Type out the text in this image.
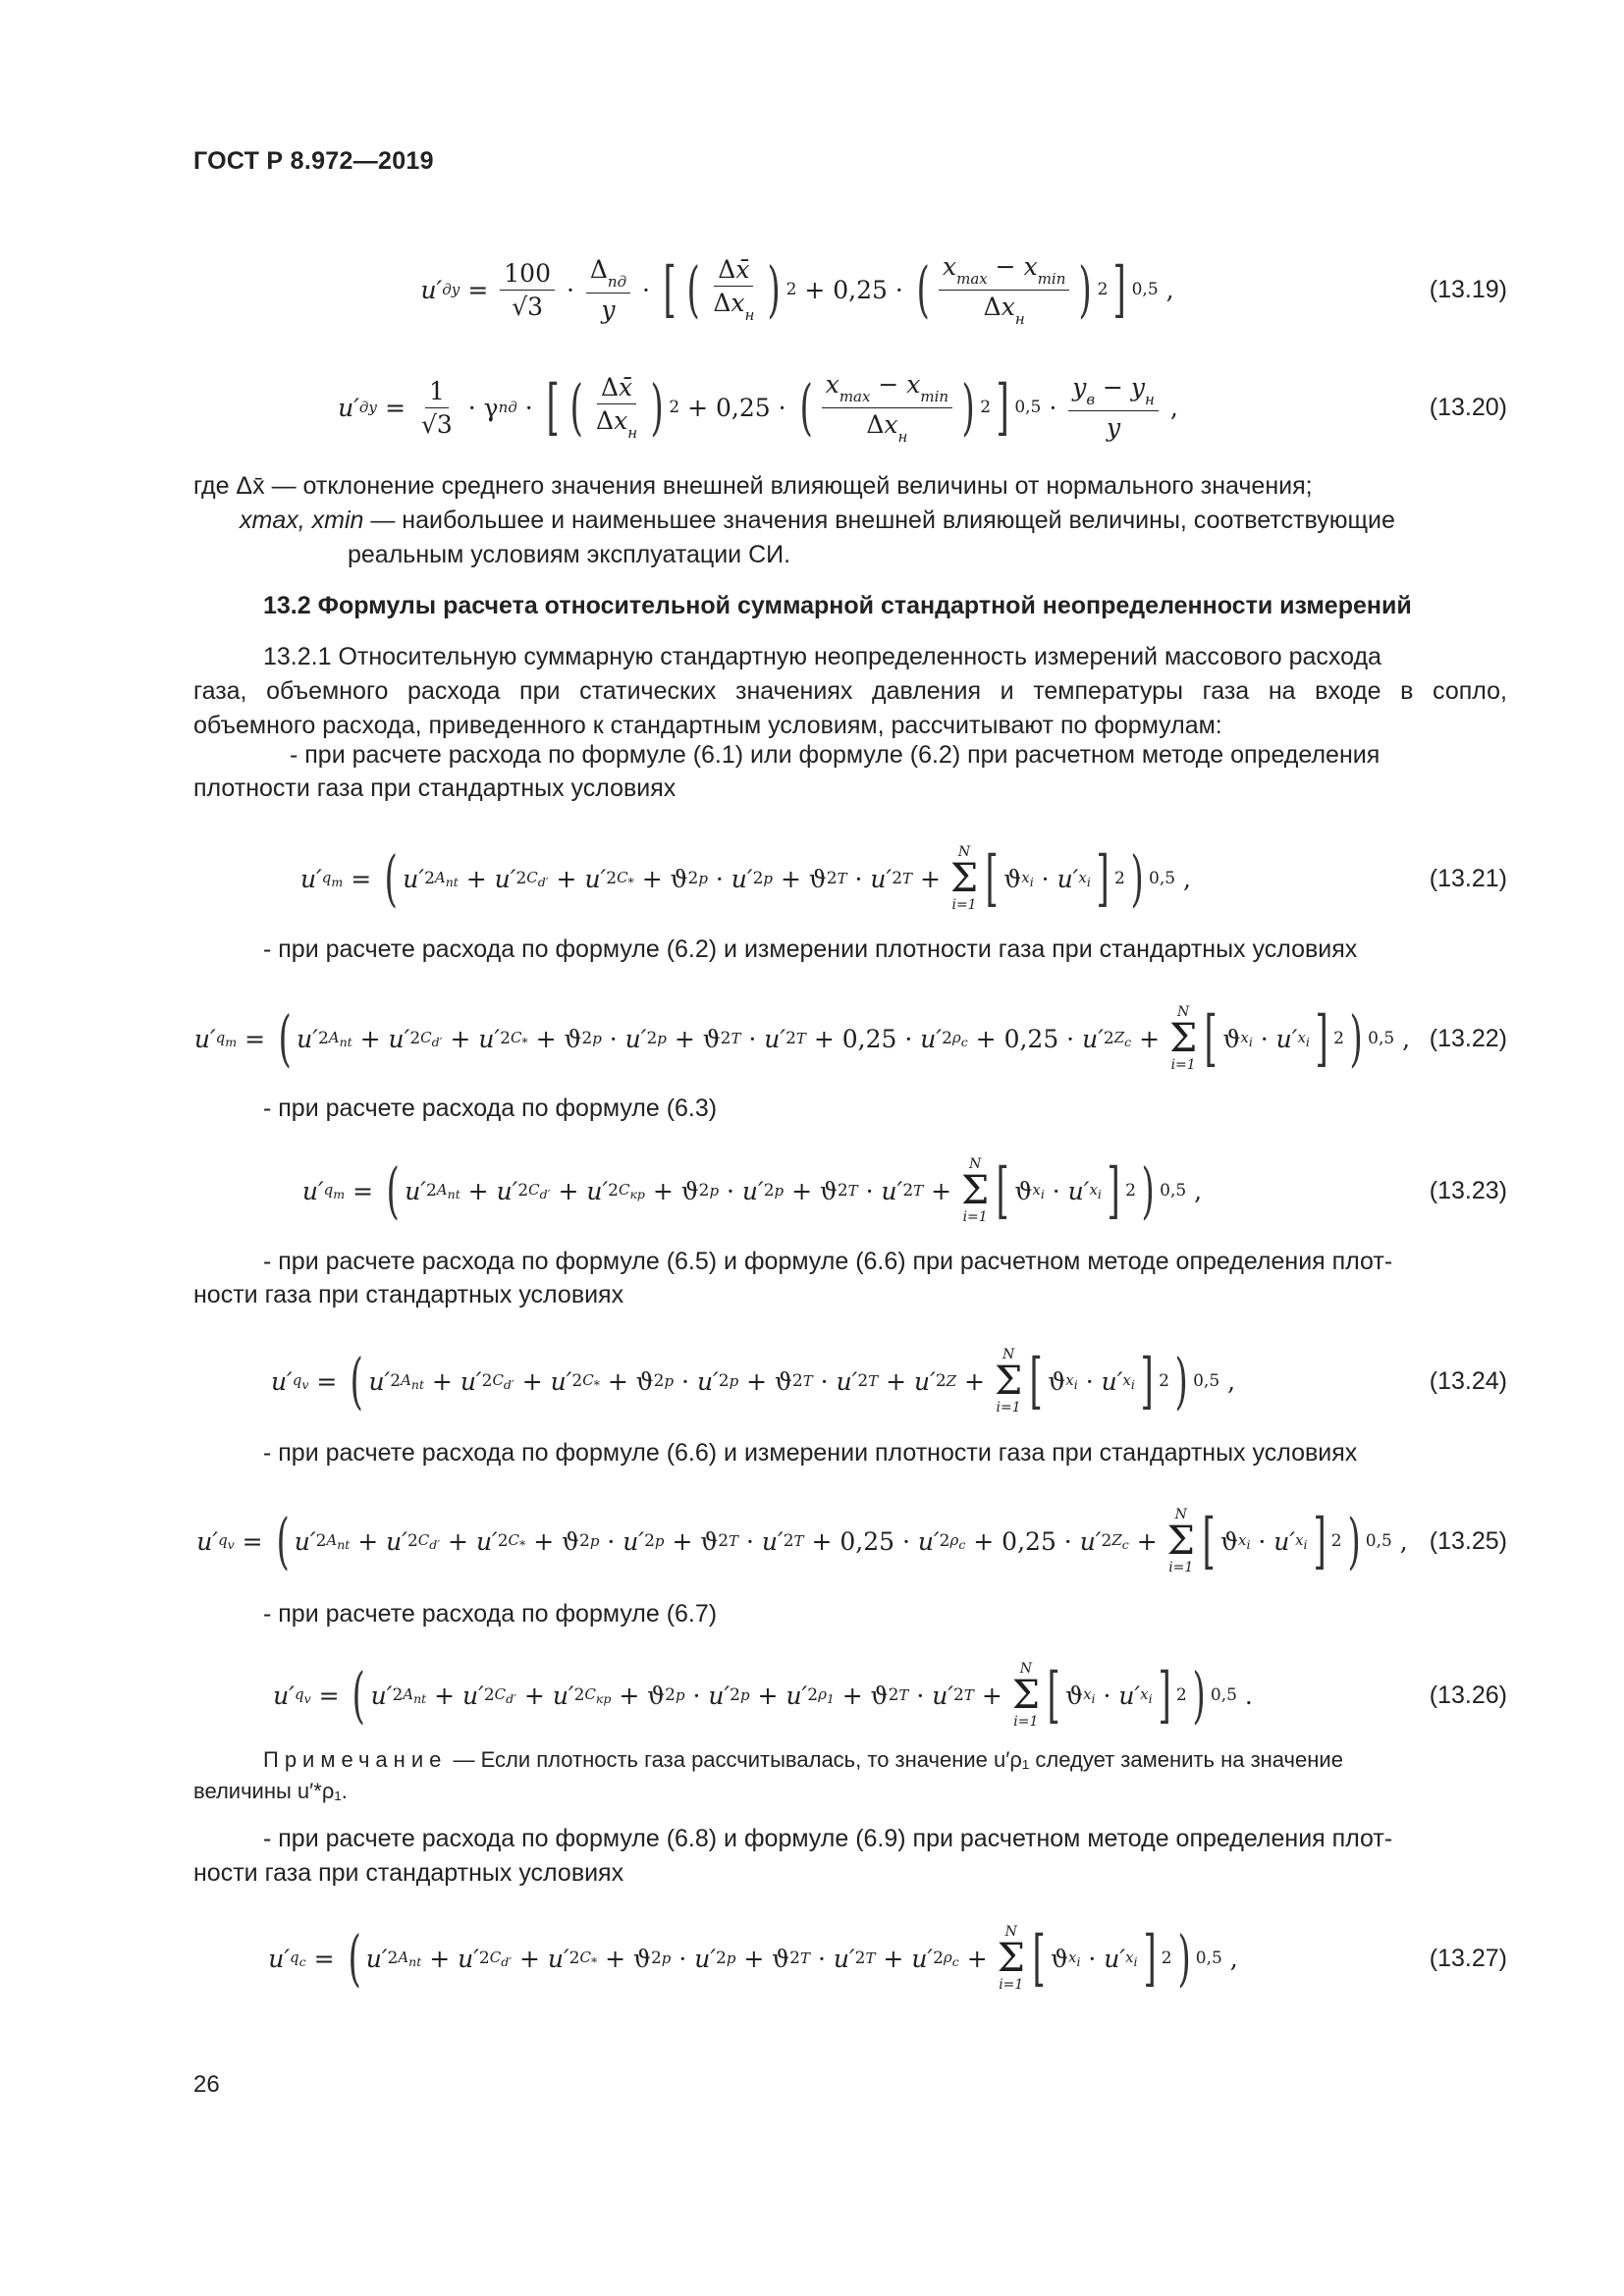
ГОСТ Р 8.972—2019
u′ ду = $\frac{100}{√3} \cdot \frac{\Delta_{пд}}{y}$ · [ ( $\frac{\Delta x̄}{\Delta x_н}$ ) 2 + 0,25 · ( $\frac{x_{max} - x_{min}}{\Delta x_н}$ ) 2 ] 0,5 ,	(13.19)
u′ ду = $\frac{1}{√3} \cdot \gamma$ пд · [ ( $\frac{\Delta x̄}{\Delta x_н}$ ) 2 + 0,25 · ( $\frac{x_{max} - x_{min}}{\Delta x_н}$ ) 2 ] $0,5 \cdot \frac{y_в - y_н}{y}$ ,	(13.20)
где Δx̄ — отклонение среднего значения внешней влияющей величины от нормального значения;
xmax, xmin — наибольшее и наименьшее значения внешней влияющей величины, соответствующие
реальным условиям эксплуатации СИ.
13.2 Формулы расчета относительной суммарной стандартной неопределенности измерений
13.2.1 Относительную суммарную стандартную неопределенность измерений массового расхода
газа, объемного расхода при статических значениях давления и температуры газа на входе в сопло,
объемного расхода, приведенного к стандартным условиям, рассчитывают по формулам:
- при расчете расхода по формуле (6.1) или формуле (6.2) при расчетном методе определения
плотности газа при стандартных условиях
u′ $q_m$ = ( u′ 2 $A_{nt} + u'$ 2 $C_{d'} + u'$ 2 $C_* + ϑ$ 2 p · u′ 2 p + ϑ 2 T · u′ 2 T +
N
Σ
i=1 [ ϑ $x_i \cdot u'$ $x_i$ ] 2 ) 0,5 ,	(13.21)
- при расчете расхода по формуле (6.2) и измерении плотности газа при стандартных условиях
u′ $q_m$ = ( u′ 2 $A_{nt} + u'$ 2 $C_{d'} + u'$ 2 $C_* + ϑ$ 2 p · u′ 2 p + ϑ 2 T · u′ 2 T + 0,25 · u′ 2 $\rho_c + 0,25 \cdot u'$ 2 $Z_c$ +
N
Σ
i=1 [ ϑ $x_i \cdot u'$ $x_i$ ] 2 ) 0,5 , (13.22)
- при расчете расхода по формуле (6.3)
u′ $q_m$ = ( u′ 2 $A_{nt} + u'$ 2 $C_{d'} + u'$ 2 $C_{кр} + ϑ$ 2 p · u′ 2 p + ϑ 2 T · u′ 2 T +
N
Σ
i=1 [ ϑ $x_i \cdot u'$ $x_i$ ] 2 ) 0,5 ,	(13.23)
- при расчете расхода по формуле (6.5) и формуле (6.6) при расчетном методе определения плот-
ности газа при стандартных условиях
u′ $q_v$ = ( u′ 2 $A_{nt} + u'$ 2 $C_{d'} + u'$ 2 $C_* + ϑ$ 2 p · u′ 2 p + ϑ 2 T · u′ 2 T + u′ 2 Z +
N
Σ
i=1 [ ϑ $x_i \cdot u'$ $x_i$ ] 2 ) 0,5 ,	(13.24)
- при расчете расхода по формуле (6.6) и измерении плотности газа при стандартных условиях
u′ $q_v$ = ( u′ 2 $A_{nt} + u'$ 2 $C_{d'} + u'$ 2 $C_* + ϑ$ 2 p · u′ 2 p + ϑ 2 T · u′ 2 T + 0,25 · u′ 2 $\rho_c + 0,25 \cdot u'$ 2 $Z_c$ +
N
Σ
i=1 [ ϑ $x_i \cdot u'$ $x_i$ ] 2 ) 0,5 , (13.25)
- при расчете расхода по формуле (6.7)
u′ $q_v$ = ( u′ 2 $A_{nt} + u'$ 2 $C_{d'} + u'$ 2 $C_{кр} + ϑ$ 2 p · u′ 2 p + u′ 2 $\rho_1 + ϑ$ 2 T · u′ 2 T +
N
Σ
i=1 [ ϑ $x_i \cdot u'$ $x_i$ ] 2 ) 0,5 .	(13.26)
Примечание — Если плотность газа рассчитывалась, то значение u′ρ₁ следует заменить на значение
величины u′*ρ₁.
- при расчете расхода по формуле (6.8) и формуле (6.9) при расчетном методе определения плот-
ности газа при стандартных условиях
u′ $q_c$ = ( u′ 2 $A_{nt} + u'$ 2 $C_{d'} + u'$ 2 $C_* + ϑ$ 2 p · u′ 2 p + ϑ 2 T · u′ 2 T + u′ 2 $\rho_c$ +
N
Σ
i=1 [ ϑ $x_i \cdot u'$ $x_i$ ] 2 ) 0,5 ,	(13.27)
26
